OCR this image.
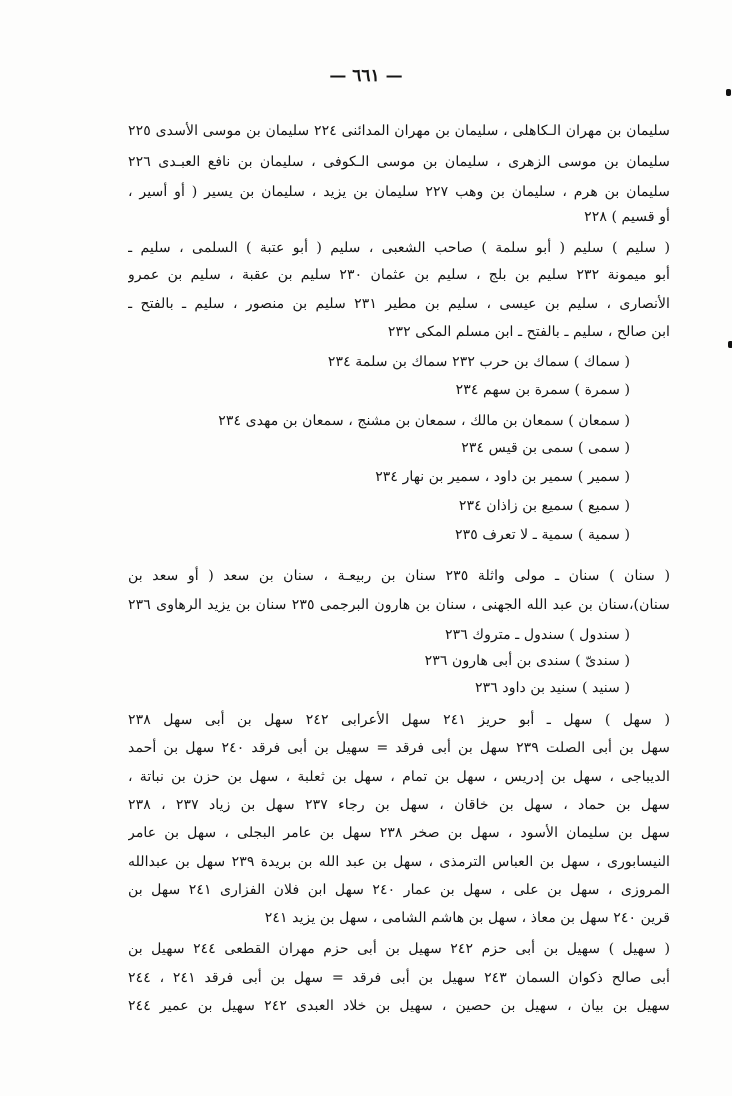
— ٦٦١ —
سليمان بن مهران الـكاهلى ، سليمان بن مهران المدائنى ٢٢٤ سليمان بن موسى الأسدى ٢٢٥
سليمان بن موسى الزهرى ، سليمان بن موسى الـكوفى ، سليمان بن نافع العبـدى ٢٢٦
سليمان بن هرم ، سليمان بن وهب ٢٢٧ سليمان بن يزيد ، سليمان بن يسير ( أو أسير ،
أو قسيم ) ٢٢٨
( سليم ) سليم ( أبو سلمة ) صاحب الشعبى ، سليم ( أبو عتبة ) السلمى ، سليم ـ
أبو ميمونة ٢٣٢ سليم بن بلج ، سليم بن عثمان ٢٣٠ سليم بن عقبة ، سليم بن عمرو
الأنصارى ، سليم بن عيسى ، سليم بن مطير ٢٣١ سليم بن منصور ، سليم ـ بالفتح ـ
ابن صالح ، سليم ـ بالفتح ـ ابن مسلم المكى ٢٣٢
( سماك ) سماك بن حرب ٢٣٢ سماك بن سلمة ٢٣٤
( سمرة ) سمرة بن سهم ٢٣٤
( سمعان ) سمعان بن مالك ، سمعان بن مشنج ، سمعان بن مهدى ٢٣٤
( سمى ) سمى بن قيس ٢٣٤
( سمير ) سمير بن داود ، سمير بن نهار ٢٣٤
( سميع ) سميع بن زاذان ٢٣٤
( سمية ) سمية ـ لا تعرف ٢٣٥
( سنان ) سنان ـ مولى واثلة ٢٣٥ سنان بن ربيعـة ، سنان بن سعد ( أو سعد بن
سنان)،سنان بن عبد الله الجهنى ، سنان بن هارون البرجمى ٢٣٥ سنان بن يزيد الرهاوى ٢٣٦
( سندول ) سندول ـ متروك ٢٣٦
( سندىّ ) سندى بن أبى هارون ٢٣٦
( سنيد ) سنيد بن داود ٢٣٦
( سهل ) سهل ـ أبو حريز ٢٤١ سهل الأعرابى ٢٤٢ سهل بن أبى سهل ٢٣٨
سهل بن أبى الصلت ٢٣٩ سهل بن أبى فرقد = سهيل بن أبى فرقد ٢٤٠ سهل بن أحمد
الديباجى ، سهل بن إدريس ، سهل بن تمام ، سهل بن ثعلبة ، سهل بن حزن بن نباتة ،
سهل بن حماد ، سهل بن خاقان ، سهل بن رجاء ٢٣٧ سهل بن زياد ٢٣٧ ، ٢٣٨
سهل بن سليمان الأسود ، سهل بن صخر ٢٣٨ سهل بن عامر البجلى ، سهل بن عامر
النيسابورى ، سهل بن العباس الترمذى ، سهل بن عبد الله بن بريدة ٢٣٩ سهل بن عبدالله
المروزى ، سهل بن على ، سهل بن عمار ٢٤٠ سهل ابن فلان الفزارى ٢٤١ سهل بن
قرين ٢٤٠ سهل بن معاذ ، سهل بن هاشم الشامى ، سهل بن يزيد ٢٤١
( سهيل ) سهيل بن أبى حزم ٢٤٢ سهيل بن أبى حزم مهران القطعى ٢٤٤ سهيل بن
أبى صالح ذكوان السمان ٢٤٣ سهيل بن أبى فرقد = سهل بن أبى فرقد ٢٤١ ، ٢٤٤
سهيل بن بيان ، سهيل بن حصين ، سهيل بن خلاد العبدى ٢٤٢ سهيل بن عمير ٢٤٤
